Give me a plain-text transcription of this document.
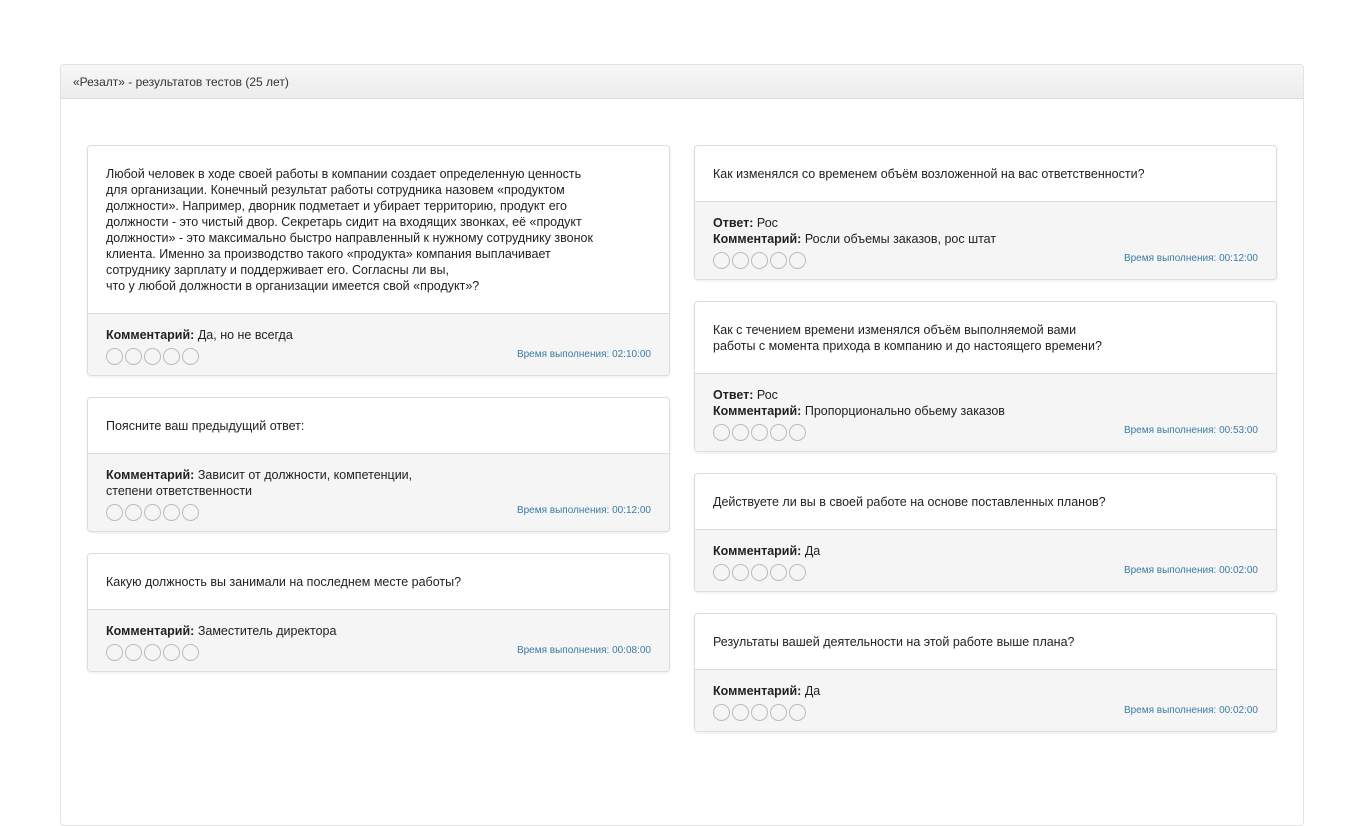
«Резалт» - результатов тестов (25 лет)
Любой человек в ходе своей работы в компании создает определенную ценность
для организации. Конечный результат работы сотрудника назовем «продуктом
должности». Например, дворник подметает и убирает территорию, продукт его
должности - это чистый двор. Секретарь сидит на входящих звонках, её «продукт
должности» - это максимально быстро направленный к нужному сотруднику звонок
клиента. Именно за производство такого «продукта» компания выплачивает
сотруднику зарплату и поддерживает его. Согласны ли вы,
что у любой должности в организации имеется свой «продукт»?
Комментарий: Да, но не всегда
Время выполнения: 02:10:00
Поясните ваш предыдущий ответ:
Комментарий: Зависит от должности, компетенции,
степени ответственности
Время выполнения: 00:12:00
Какую должность вы занимали на последнем месте работы?
Комментарий: Заместитель директора
Время выполнения: 00:08:00
Как изменялся со временем объём возложенной на вас ответственности?
Ответ: Рос
Комментарий: Росли объемы заказов, рос штат
Время выполнения: 00:12:00
Как с течением времени изменялся объём выполняемой вами
работы с момента прихода в компанию и до настоящего времени?
Ответ: Рос
Комментарий: Пропорционально обьему заказов
Время выполнения: 00:53:00
Действуете ли вы в своей работе на основе поставленных планов?
Комментарий: Да
Время выполнения: 00:02:00
Результаты вашей деятельности на этой работе выше плана?
Комментарий: Да
Время выполнения: 00:02:00
